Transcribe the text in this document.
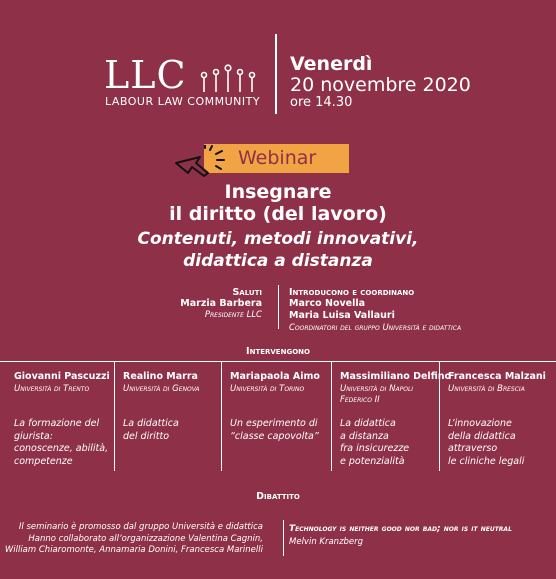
LLC
LABOUR LAW COMMUNITY
Venerdì
20 novembre 2020
ore 14.30
Webinar
Insegnare
il diritto (del lavoro)
Contenuti, metodi innovativi,
didattica a distanza
Saluti
Marzia Barbera
Presidente LLC
Introducono e coordinano
Marco Novella
Maria Luisa Vallauri
Coordinatori del gruppo Università e didattica
Intervengono
Giovanni Pascuzzi
Università di Trento
La formazione del
giurista:
conoscenze, abilità,
competenze
Realino Marra
Università di Genova
La didattica
del diritto
Mariapaola Aimo
Università di Torino
Un esperimento di
“classe capovolta”
Massimiliano Delfino
Università di Napoli Federico II
La didattica
a distanza
fra insicurezze
e potenzialità
Francesca Malzani
Università di Brescia
L’innovazione
della didattica
attraverso
le cliniche legali
Dibattito
Il seminario è promosso dal gruppo Università e didattica
Hanno collaborato all’organizzazione Valentina Cagnin,
William Chiaromonte, Annamaria Donini, Francesca Marinelli
Technology is neither good nor bad; nor is it neutral
Melvin Kranzberg
